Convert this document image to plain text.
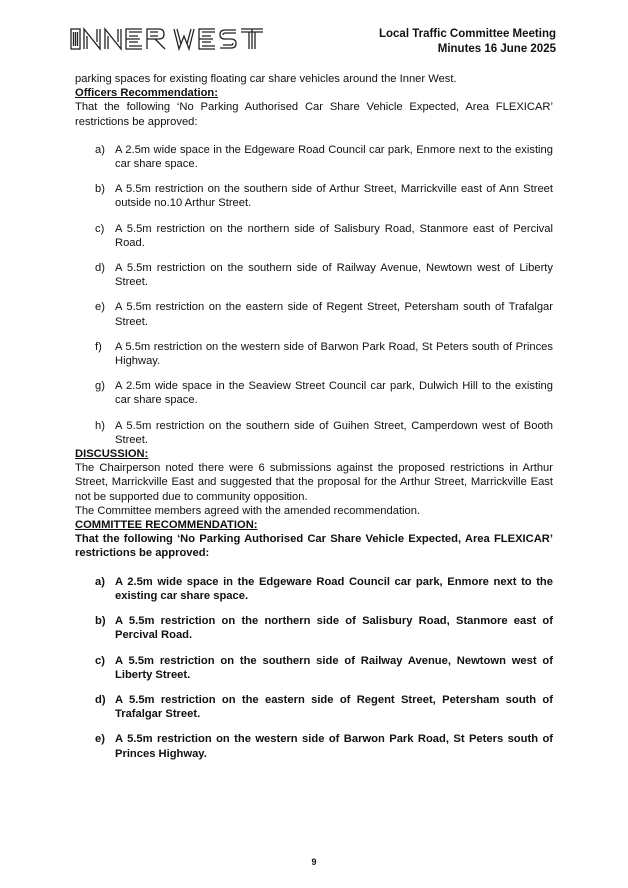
Local Traffic Committee Meeting
Minutes 16 June 2025

parking spaces for existing floating car share vehicles around the Inner West.

Officers Recommendation:

That the following ‘No Parking Authorised Car Share Vehicle Expected, Area FLEXICAR’ restrictions be approved:

a) A 2.5m wide space in the Edgeware Road Council car park, Enmore next to the existing car share space.
b) A 5.5m restriction on the southern side of Arthur Street, Marrickville east of Ann Street outside no.10 Arthur Street.
c) A 5.5m restriction on the northern side of Salisbury Road, Stanmore east of Percival Road.
d) A 5.5m restriction on the southern side of Railway Avenue, Newtown west of Liberty Street.
e) A 5.5m restriction on the eastern side of Regent Street, Petersham south of Trafalgar Street.
f) A 5.5m restriction on the western side of Barwon Park Road, St Peters south of Princes Highway.
g) A 2.5m wide space in the Seaview Street Council car park, Dulwich Hill to the existing car share space.
h) A 5.5m restriction on the southern side of Guihen Street, Camperdown west of Booth Street.

DISCUSSION:

The Chairperson noted there were 6 submissions against the proposed restrictions in Arthur Street, Marrickville East and suggested that the proposal for the Arthur Street, Marrickville East not be supported due to community opposition.

The Committee members agreed with the amended recommendation.

COMMITTEE RECOMMENDATION:

That the following ‘No Parking Authorised Car Share Vehicle Expected, Area FLEXICAR’ restrictions be approved:

a) A 2.5m wide space in the Edgeware Road Council car park, Enmore next to the existing car share space.
b) A 5.5m restriction on the northern side of Salisbury Road, Stanmore east of Percival Road.
c) A 5.5m restriction on the southern side of Railway Avenue, Newtown west of Liberty Street.
d) A 5.5m restriction on the eastern side of Regent Street, Petersham south of Trafalgar Street.
e) A 5.5m restriction on the western side of Barwon Park Road, St Peters south of Princes Highway.
9
